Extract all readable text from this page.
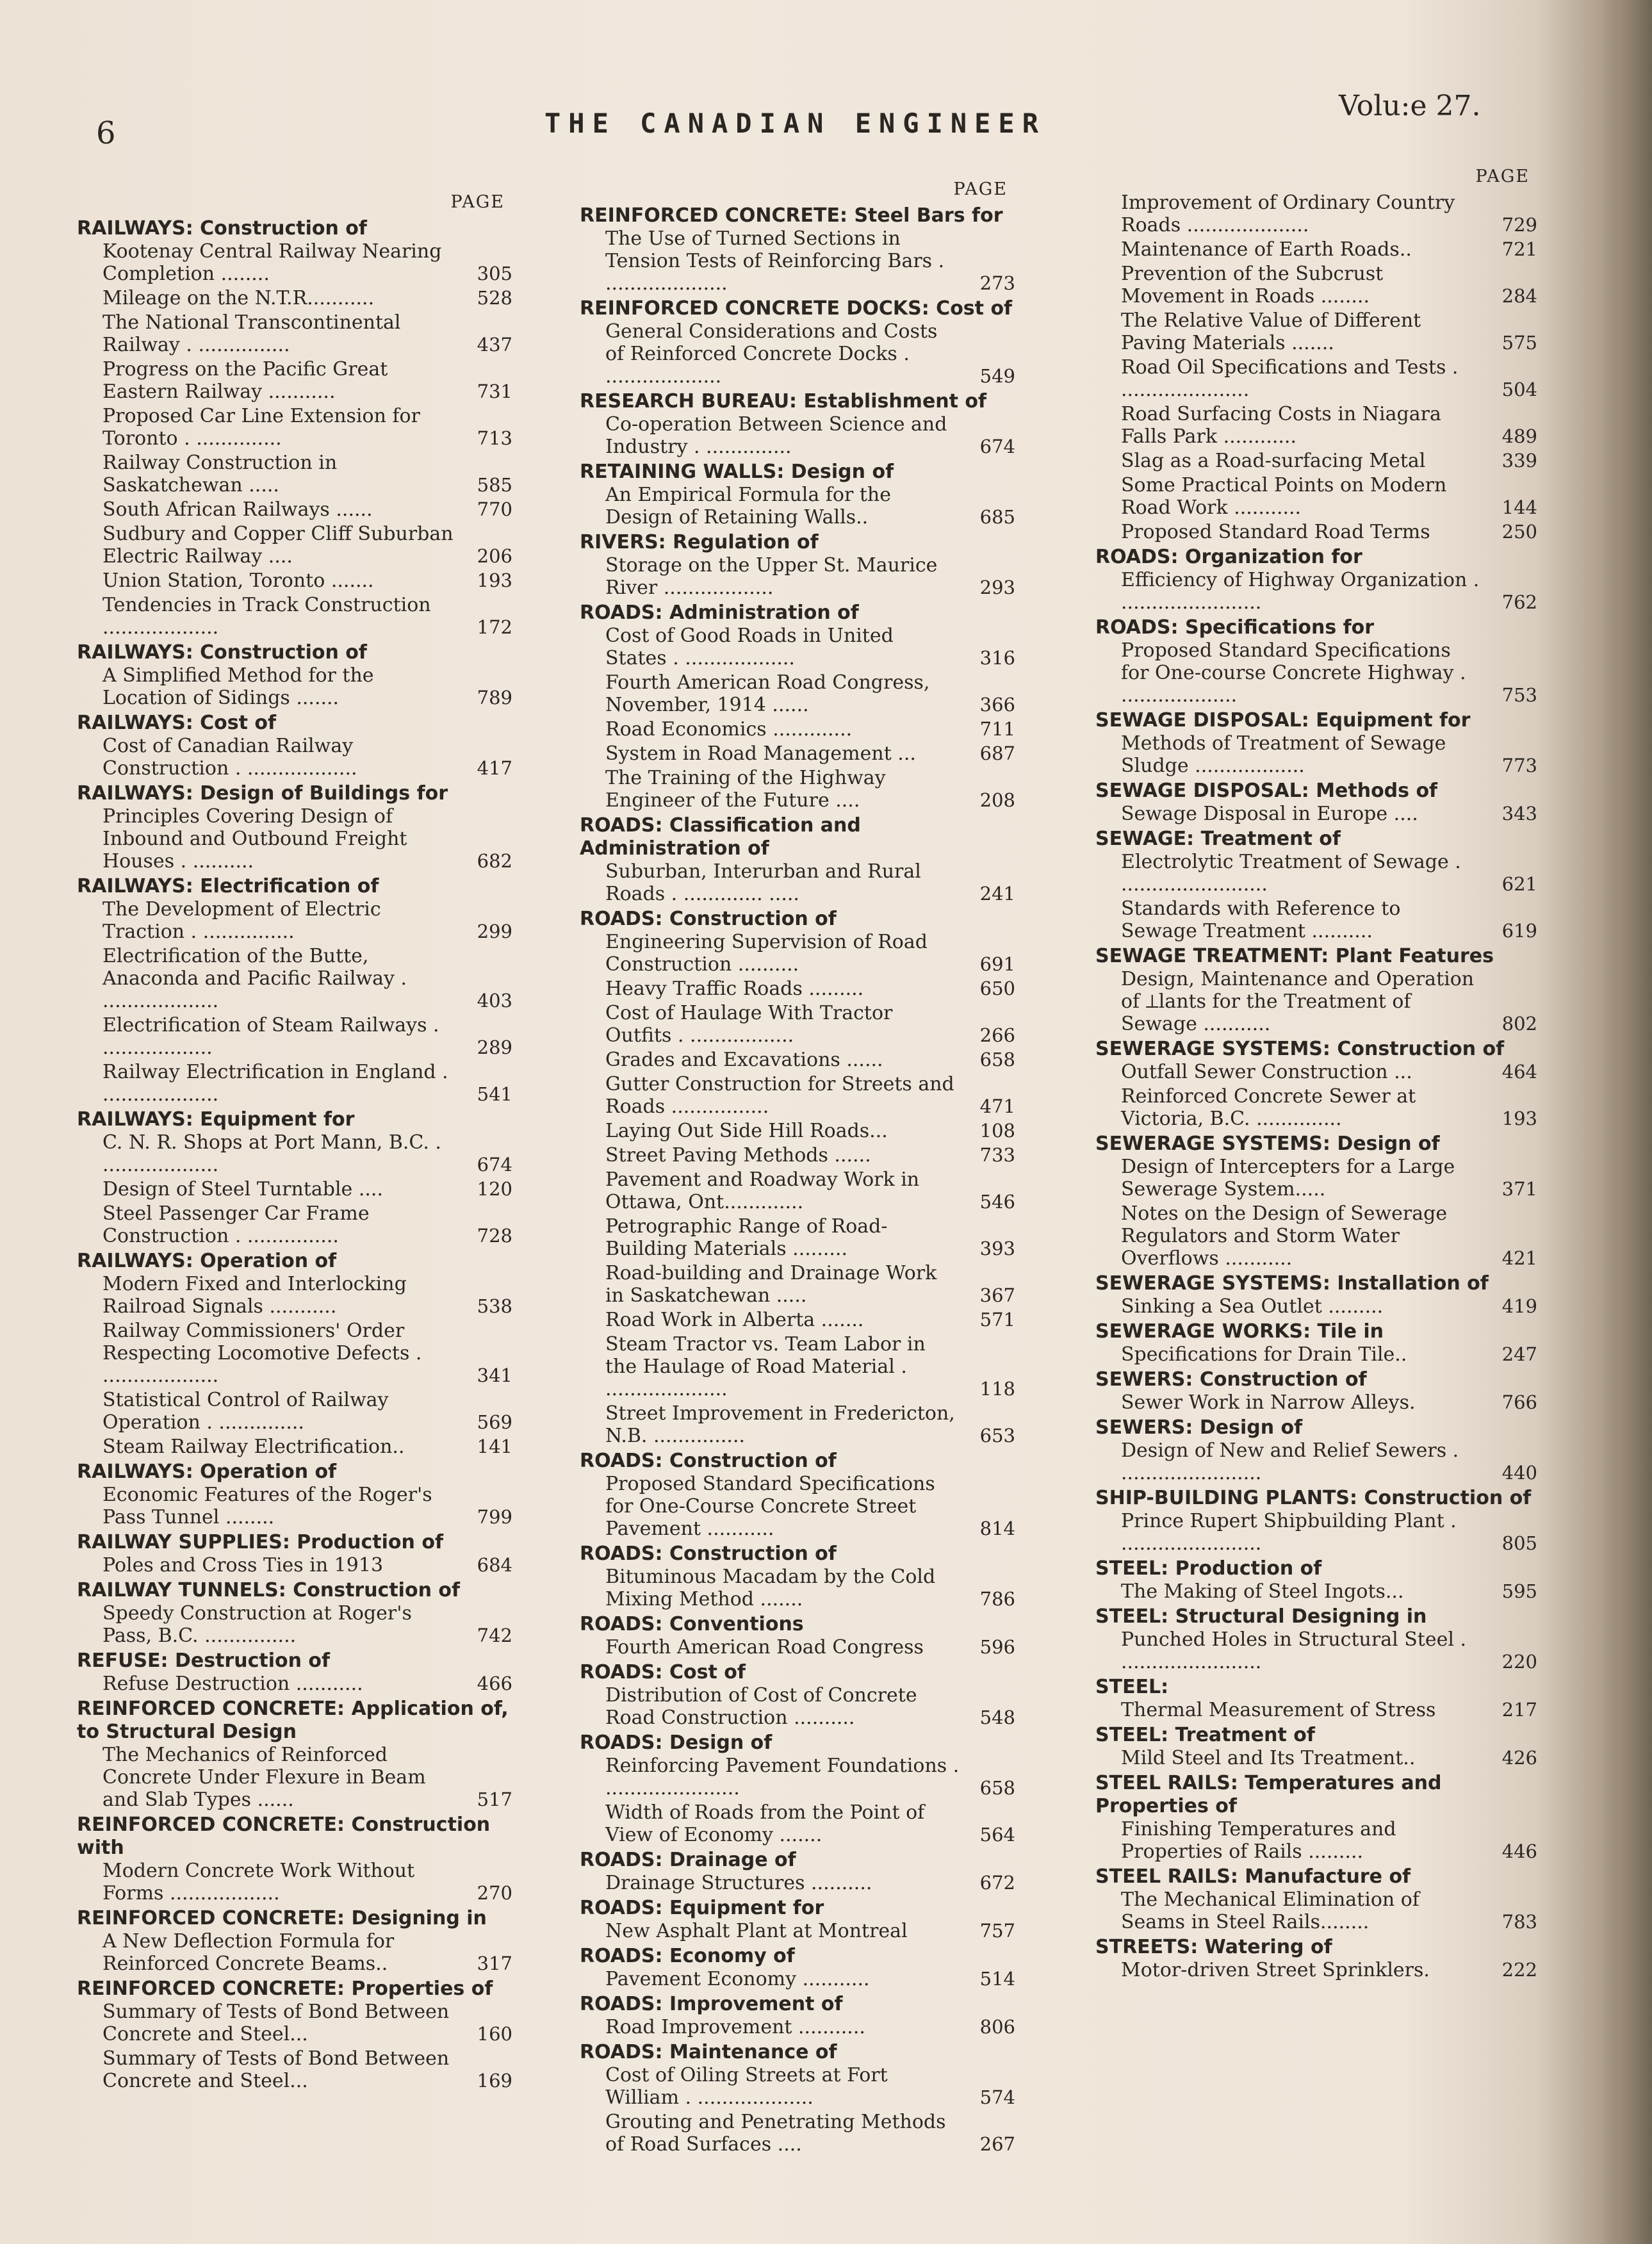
6	THE CANADIAN ENGINEER
Volu:e 27.
PAGE
RAILWAYS: Construction of
Kootenay Central Railway Nearing Completion ........	305
Mileage on the N.T.R...........	528
The National Transcontinental Railway . ...............	437
Progress on the Pacific Great Eastern Railway ...........	731
Proposed Car Line Extension for Toronto . ..............	713
Railway Construction in Saskatchewan .....	585
South African Railways ......	770
Sudbury and Copper Cliff Suburban Electric Railway ....	206
Union Station, Toronto .......	193
Tendencies in Track Construction ...................	172
RAILWAYS: Construction of
A Simplified Method for the Location of Sidings .......	789
RAILWAYS: Cost of
Cost of Canadian Railway Construction . ..................	417
RAILWAYS: Design of Buildings for
Principles Covering Design of Inbound and Outbound Freight Houses . ..........	682
RAILWAYS: Electrification of
The Development of Electric Traction . ...............	299
Electrification of the Butte, Anaconda and Pacific Railway . ...................	403
Electrification of Steam Railways . ..................	289
Railway Electrification in England . ...................	541
RAILWAYS: Equipment for
C. N. R. Shops at Port Mann, B.C. . ...................	674
Design of Steel Turntable ....	120
Steel Passenger Car Frame Construction . ...............	728
RAILWAYS: Operation of
Modern Fixed and Interlocking Railroad Signals ...........	538
Railway Commissioners' Order Respecting Locomotive Defects . ...................	341
Statistical Control of Railway Operation . ..............	569
Steam Railway Electrification..	141
RAILWAYS: Operation of
Economic Features of the Roger's Pass Tunnel ........	799
RAILWAY SUPPLIES: Production of
Poles and Cross Ties in 1913	684
RAILWAY TUNNELS: Construction of
Speedy Construction at Roger's Pass, B.C. ...............	742
REFUSE: Destruction of
Refuse Destruction ...........	466
REINFORCED CONCRETE: Application of, to Structural Design
The Mechanics of Reinforced Concrete Under Flexure in Beam and Slab Types ......	517
REINFORCED CONCRETE: Construction with
Modern Concrete Work Without Forms ..................	270
REINFORCED CONCRETE: Designing in
A New Deflection Formula for Reinforced Concrete Beams..	317
REINFORCED CONCRETE: Properties of
Summary of Tests of Bond Between Concrete and Steel...	160
Summary of Tests of Bond Between Concrete and Steel...	169
PAGE
REINFORCED CONCRETE: Steel Bars for
The Use of Turned Sections in Tension Tests of Reinforcing Bars . ....................	273
REINFORCED CONCRETE DOCKS: Cost of
General Considerations and Costs of Reinforced Concrete Docks . ...................	549
RESEARCH BUREAU: Establishment of
Co-operation Between Science and Industry . ..............	674
RETAINING WALLS: Design of
An Empirical Formula for the Design of Retaining Walls..	685
RIVERS: Regulation of
Storage on the Upper St. Maurice River ..................	293
ROADS: Administration of
Cost of Good Roads in United States . ..................	316
Fourth American Road Congress, November, 1914 ......	366
Road Economics .............	711
System in Road Management ...	687
The Training of the Highway Engineer of the Future ....	208
ROADS: Classification and Administration of
Suburban, Interurban and Rural Roads . ............. .....	241
ROADS: Construction of
Engineering Supervision of Road Construction ..........	691
Heavy Traffic Roads .........	650
Cost of Haulage With Tractor Outfits . .................	266
Grades and Excavations ......	658
Gutter Construction for Streets and Roads ................	471
Laying Out Side Hill Roads...	108
Street Paving Methods ......	733
Pavement and Roadway Work in Ottawa, Ont.............	546
Petrographic Range of Road-Building Materials .........	393
Road-building and Drainage Work in Saskatchewan .....	367
Road Work in Alberta .......	571
Steam Tractor vs. Team Labor in the Haulage of Road Material . ....................	118
Street Improvement in Fredericton, N.B. ...............	653
ROADS: Construction of
Proposed Standard Specifications for One-Course Concrete Street Pavement ...........	814
ROADS: Construction of
Bituminous Macadam by the Cold Mixing Method .......	786
ROADS: Conventions
Fourth American Road Congress	596
ROADS: Cost of
Distribution of Cost of Concrete Road Construction ..........	548
ROADS: Design of
Reinforcing Pavement Foundations . ......................	658
Width of Roads from the Point of View of Economy .......	564
ROADS: Drainage of
Drainage Structures ..........	672
ROADS: Equipment for
New Asphalt Plant at Montreal	757
ROADS: Economy of
Pavement Economy ...........	514
ROADS: Improvement of
Road Improvement ...........	806
ROADS: Maintenance of
Cost of Oiling Streets at Fort William . ...................	574
Grouting and Penetrating Methods of Road Surfaces ....	267
PAGE
Improvement of Ordinary Country Roads ....................	729
Maintenance of Earth Roads..	721
Prevention of the Subcrust Movement in Roads ........	284
The Relative Value of Different Paving Materials .......	575
Road Oil Specifications and Tests . .....................	504
Road Surfacing Costs in Niagara Falls Park ............	489
Slag as a Road-surfacing Metal	339
Some Practical Points on Modern Road Work ...........	144
Proposed Standard Road Terms	250
ROADS: Organization for
Efficiency of Highway Organization . .......................	762
ROADS: Specifications for
Proposed Standard Specifications for One-course Concrete Highway . ...................	753
SEWAGE DISPOSAL: Equipment for
Methods of Treatment of Sewage Sludge ..................	773
SEWAGE DISPOSAL: Methods of
Sewage Disposal in Europe ....	343
SEWAGE: Treatment of
Electrolytic Treatment of Sewage . ........................	621
Standards with Reference to Sewage Treatment ..........	619
SEWAGE TREATMENT: Plant Features
Design, Maintenance and Operation of ⟂lants for the Treatment of Sewage ...........	802
SEWERAGE SYSTEMS: Construction of
Outfall Sewer Construction ...	464
Reinforced Concrete Sewer at Victoria, B.C. ..............	193
SEWERAGE SYSTEMS: Design of
Design of Intercepters for a Large Sewerage System.....	371
Notes on the Design of Sewerage Regulators and Storm Water Overflows ...........	421
SEWERAGE SYSTEMS: Installation of
Sinking a Sea Outlet .........	419
SEWERAGE WORKS: Tile in
Specifications for Drain Tile..	247
SEWERS: Construction of
Sewer Work in Narrow Alleys.	766
SEWERS: Design of
Design of New and Relief Sewers . .......................	440
SHIP-BUILDING PLANTS: Construction of
Prince Rupert Shipbuilding Plant . .......................	805
STEEL: Production of
The Making of Steel Ingots...	595
STEEL: Structural Designing in
Punched Holes in Structural Steel . .......................	220
STEEL:
Thermal Measurement of Stress	217
STEEL: Treatment of
Mild Steel and Its Treatment..	426
STEEL RAILS: Temperatures and Properties of
Finishing Temperatures and Properties of Rails .........	446
STEEL RAILS: Manufacture of
The Mechanical Elimination of Seams in Steel Rails........	783
STREETS: Watering of
Motor-driven Street Sprinklers.	222
